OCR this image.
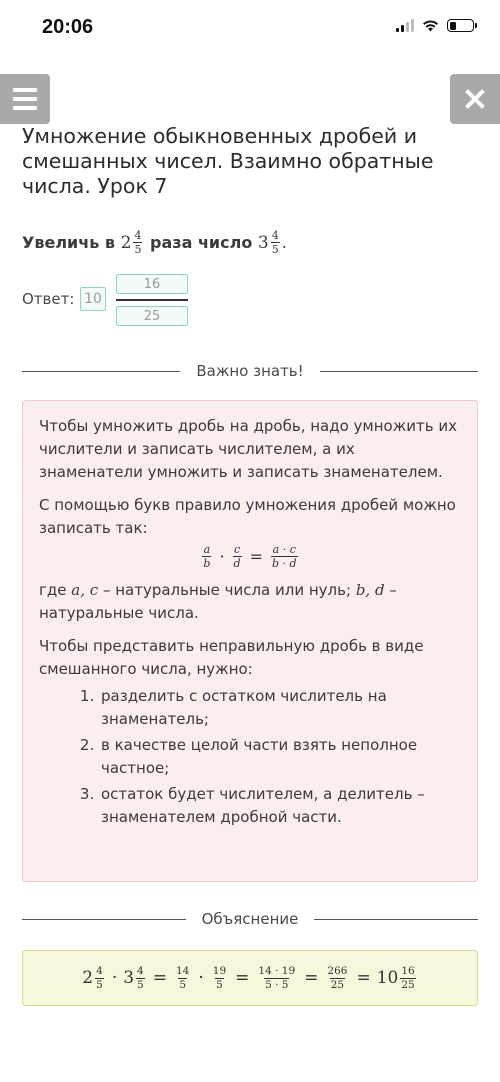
20:06
Умножение обыкновенных дробей и смешанных чисел. Взаимно обратные числа. Урок 7
Увеличь в
$2 \frac{4}{5}$
раза число
$3 \frac{4}{5}$ .
Ответ: 10
16
25
Важно знать!

Чтобы умножить дробь на дробь, надо умножить их числители и записать числителем, а их знаменатели умножить и записать знаменателем.

С помощью букв правило умножения дробей можно записать так:

$\frac{a}{b} \cdot \frac{c}{d} = \frac{a \cdot c}{b \cdot d}$

где a, c – натуральные числа или нуль; b, d – натуральные числа.

Чтобы представить неправильную дробь в виде смешанного числа, нужно:

1. разделить с остатком числитель на знаменатель;
2. в качестве целой части взять неполное частное;
3. остаток будет числителем, а делитель – знаменателем дробной части.
Объяснение
$2 \frac{4}{5} \cdot 3 \frac{4}{5} = \frac{14}{5} \cdot \frac{19}{5} = \frac{14 \cdot 19}{5 \cdot 5} = \frac{266}{25} = 10 \frac{16}{25}$
